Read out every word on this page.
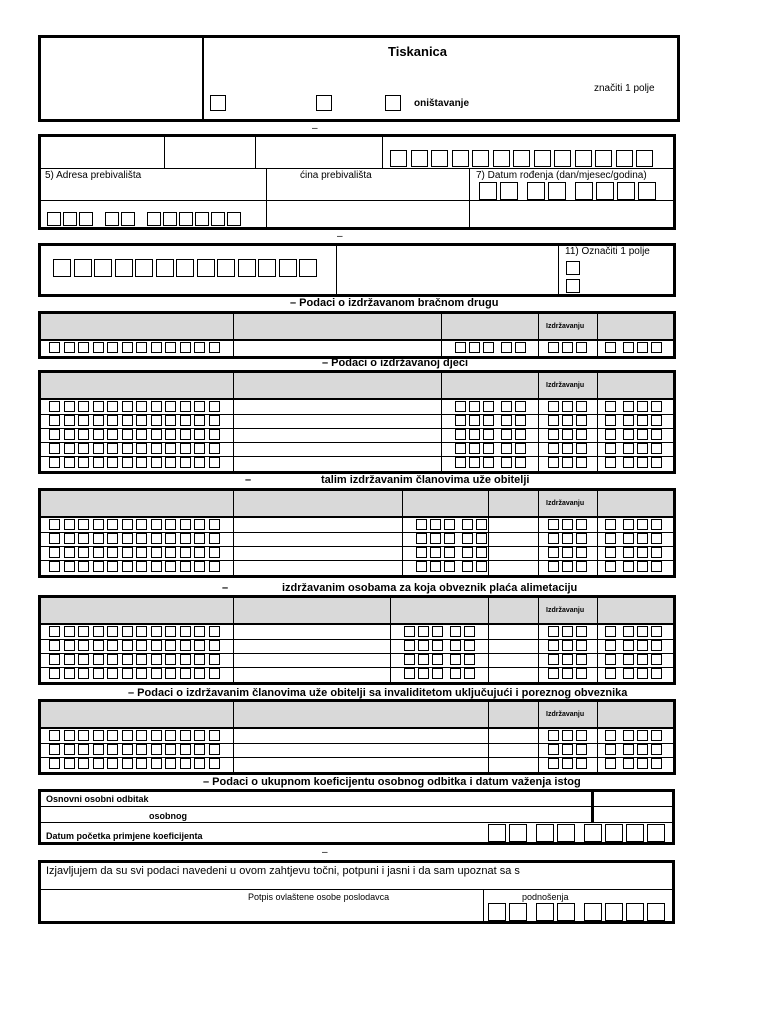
Tiskanica
značiti 1 polje
oništavanje
–
5) Adresa prebivališta	ćina prebivališta	7) Datum rođenja (dan/mjesec/godina)
–
11) Označiti 1 polje
– Podaci o izdržavanom bračnom drugu
– Podaci o izdržavanoj djeci
–	talim izdržavanim članovima uže obitelji
–	izdržavanim osobama za koja obveznik plaća alimetaciju
– Podaci o izdržavanim članovima uže obitelji sa invaliditetom uključujući i poreznog obveznika
– Podaci o ukupnom koeficijentu osobnog odbitka i datum važenja istog
Izdržavanju
Izdržavanju
Izdržavanju
Izdržavanju
Izdržavanju
Osnovni osobni odbitak
osobnog
Datum početka primjene koeficijenta
–
Izjavljujem da su svi podaci navedeni u ovom zahtjevu točni, potpuni i jasni i da sam upoznat sa s
Potpis ovlaštene osobe poslodavca	podnošenja
